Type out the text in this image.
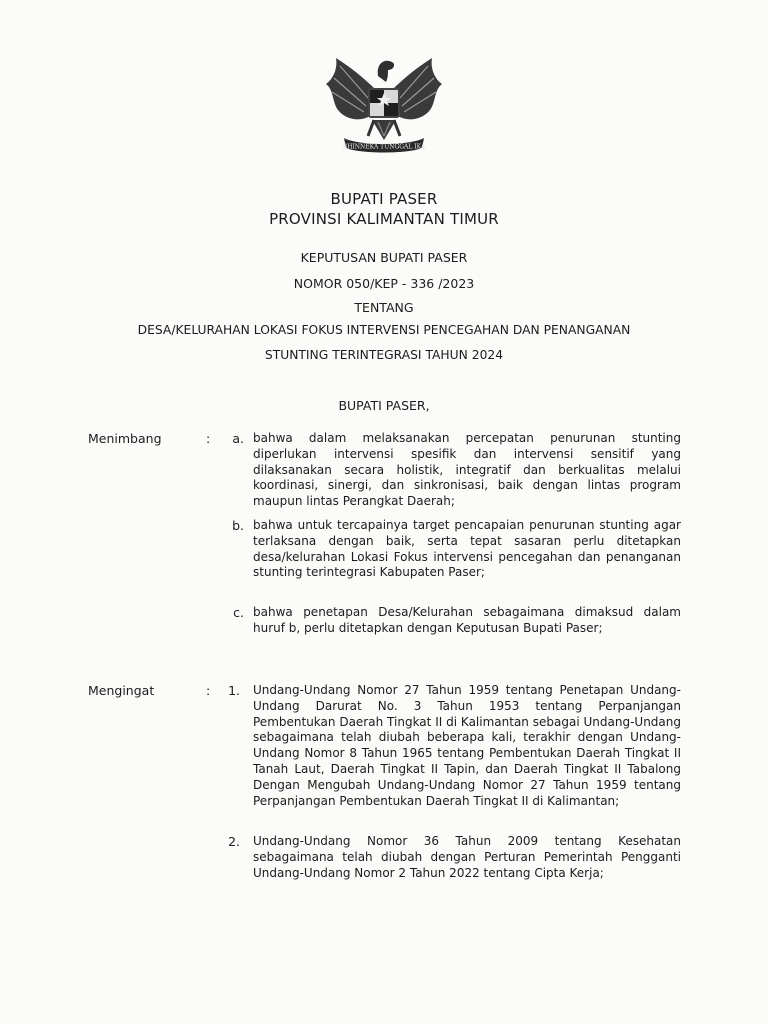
BHINNEKA TUNGGAL IKA
BUPATI PASER
PROVINSI KALIMANTAN TIMUR
KEPUTUSAN BUPATI PASER
NOMOR 050/KEP - 336 /2023
TENTANG
DESA/KELURAHAN LOKASI FOKUS INTERVENSI PENCEGAHAN DAN PENANGANAN
STUNTING TERINTEGRASI TAHUN 2024
BUPATI PASER,
Menimbang	:	a. bahwa dalam melaksanakan percepatan penurunan stunting diperlukan intervensi spesifik dan intervensi sensitif yang dilaksanakan secara holistik, integratif dan berkualitas melalui koordinasi, sinergi, dan sinkronisasi, baik dengan lintas program maupun lintas Perangkat Daerah;

b. bahwa untuk tercapainya target pencapaian penurunan stunting agar terlaksana dengan baik, serta tepat sasaran perlu ditetapkan desa/kelurahan Lokasi Fokus intervensi pencegahan dan penanganan stunting terintegrasi Kabupaten Paser;

c. bahwa penetapan Desa/Kelurahan sebagaimana dimaksud dalam huruf b, perlu ditetapkan dengan Keputusan Bupati Paser;

Mengingat	:	1. Undang-Undang Nomor 27 Tahun 1959 tentang Penetapan Undang-Undang Darurat No. 3 Tahun 1953 tentang Perpanjangan Pembentukan Daerah Tingkat II di Kalimantan sebagai Undang-Undang sebagaimana telah diubah beberapa kali, terakhir dengan Undang-Undang Nomor 8 Tahun 1965 tentang Pembentukan Daerah Tingkat II Tanah Laut, Daerah Tingkat II Tapin, dan Daerah Tingkat II Tabalong Dengan Mengubah Undang-Undang Nomor 27 Tahun 1959 tentang Perpanjangan Pembentukan Daerah Tingkat II di Kalimantan;

2. Undang-Undang Nomor 36 Tahun 2009 tentang Kesehatan sebagaimana telah diubah dengan Perturan Pemerintah Pengganti Undang-Undang Nomor 2 Tahun 2022 tentang Cipta Kerja;
